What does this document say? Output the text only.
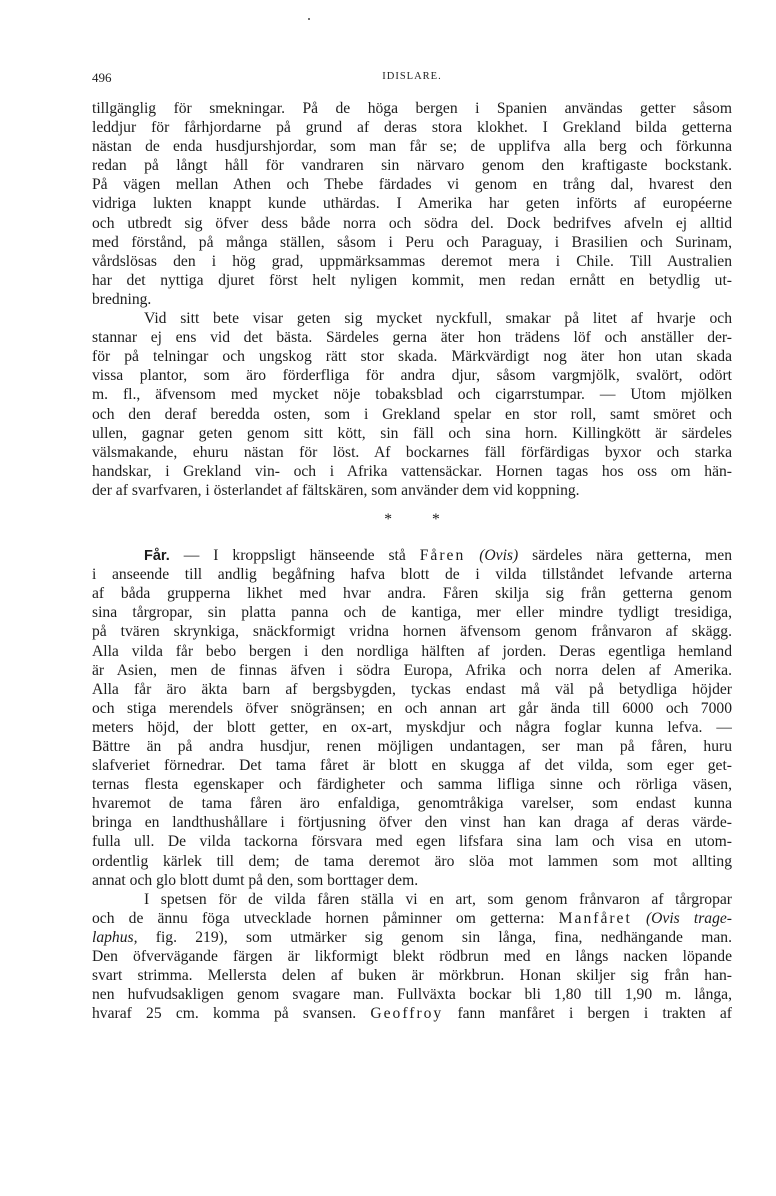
496	IDISLARE.
tillgänglig för smekningar. På de höga bergen i Spanien användas getter såsom
leddjur för fårhjordarne på grund af deras stora klokhet. I Grekland bilda getterna
nästan de enda husdjurshjordar, som man får se; de upplifva alla berg och förkunna
redan på långt håll för vandraren sin närvaro genom den kraftigaste bockstank.
På vägen mellan Athen och Thebe färdades vi genom en trång dal, hvarest den
vidriga lukten knappt kunde uthärdas. I Amerika har geten införts af européerne
och utbredt sig öfver dess både norra och södra del. Dock bedrifves afveln ej alltid
med förstånd, på många ställen, såsom i Peru och Paraguay, i Brasilien och Surinam,
vårdslösas den i hög grad, uppmärksammas deremot mera i Chile. Till Australien
har det nyttiga djuret först helt nyligen kommit, men redan ernått en betydlig ut-
bredning.
Vid sitt bete visar geten sig mycket nyckfull, smakar på litet af hvarje och
stannar ej ens vid det bästa. Särdeles gerna äter hon trädens löf och anställer der-
för på telningar och ungskog rätt stor skada. Märkvärdigt nog äter hon utan skada
vissa plantor, som äro förderfliga för andra djur, såsom vargmjölk, svalört, odört
m. fl., äfvensom med mycket nöje tobaksblad och cigarrstumpar. — Utom mjölken
och den deraf beredda osten, som i Grekland spelar en stor roll, samt smöret och
ullen, gagnar geten genom sitt kött, sin fäll och sina horn. Killingkött är särdeles
välsmakande, ehuru nästan för löst. Af bockarnes fäll förfärdigas byxor och starka
handskar, i Grekland vin- och i Afrika vattensäckar. Hornen tagas hos oss om hän-
der af svarfvaren, i österlandet af fältskären, som använder dem vid koppning.
* *
Får. — I kroppsligt hänseende stå Fåren (Ovis) särdeles nära getterna, men
i anseende till andlig begåfning hafva blott de i vilda tillståndet lefvande arterna
af båda grupperna likhet med hvar andra. Fåren skilja sig från getterna genom
sina tårgropar, sin platta panna och de kantiga, mer eller mindre tydligt tresidiga,
på tvären skrynkiga, snäckformigt vridna hornen äfvensom genom frånvaron af skägg.
Alla vilda får bebo bergen i den nordliga hälften af jorden. Deras egentliga hemland
är Asien, men de finnas äfven i södra Europa, Afrika och norra delen af Amerika.
Alla får äro äkta barn af bergsbygden, tyckas endast må väl på betydliga höjder
och stiga merendels öfver snögränsen; en och annan art går ända till 6000 och 7000
meters höjd, der blott getter, en ox-art, myskdjur och några foglar kunna lefva. —
Bättre än på andra husdjur, renen möjligen undantagen, ser man på fåren, huru
slafveriet förnedrar. Det tama fåret är blott en skugga af det vilda, som eger get-
ternas flesta egenskaper och färdigheter och samma lifliga sinne och rörliga väsen,
hvaremot de tama fåren äro enfaldiga, genomtråkiga varelser, som endast kunna
bringa en landthushållare i förtjusning öfver den vinst han kan draga af deras värde-
fulla ull. De vilda tackorna försvara med egen lifsfara sina lam och visa en utom-
ordentlig kärlek till dem; de tama deremot äro slöa mot lammen som mot allting
annat och glo blott dumt på den, som borttager dem.
I spetsen för de vilda fåren ställa vi en art, som genom frånvaron af tårgropar
och de ännu föga utvecklade hornen påminner om getterna: Manfåret (Ovis trage-
laphus, fig. 219), som utmärker sig genom sin långa, fina, nedhängande man.
Den öfvervägande färgen är likformigt blekt rödbrun med en långs nacken löpande
svart strimma. Mellersta delen af buken är mörkbrun. Honan skiljer sig från han-
nen hufvudsakligen genom svagare man. Fullväxta bockar bli 1,80 till 1,90 m. långa,
hvaraf 25 cm. komma på svansen. Geoffroy fann manfåret i bergen i trakten af
